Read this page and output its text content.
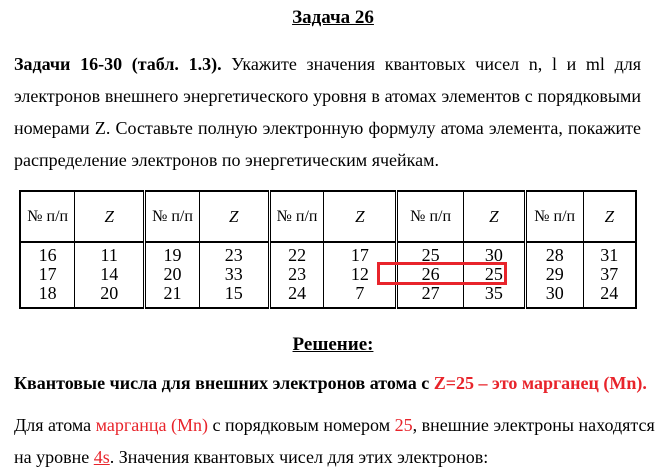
Задача 26
Задачи 16-30 (табл. 1.3). Укажите значения квантовых чисел n, l и ml для
электронов внешнего энергетического уровня в атомах элементов с порядковыми
номерами Z. Составьте полную электронную формулу атома элемента, покажите
распределение электронов по энергетическим ячейкам.
№ п/п	Z	№ п/п	Z	№ п/п	Z	№ п/п	Z	№ п/п	Z
16	11	19	23	22	17	25	30	28	31
17	14	20	33	23	12	26	25	29	37
18	20	21	15	24	7	27	35	30	24
Решение:
Квантовые числа для внешних электронов атома с Z=25 – это марганец (Mn).
Для атома марганца (Mn) с порядковым номером 25, внешние электроны находятся
на уровне 4s. Значения квантовых чисел для этих электронов:
